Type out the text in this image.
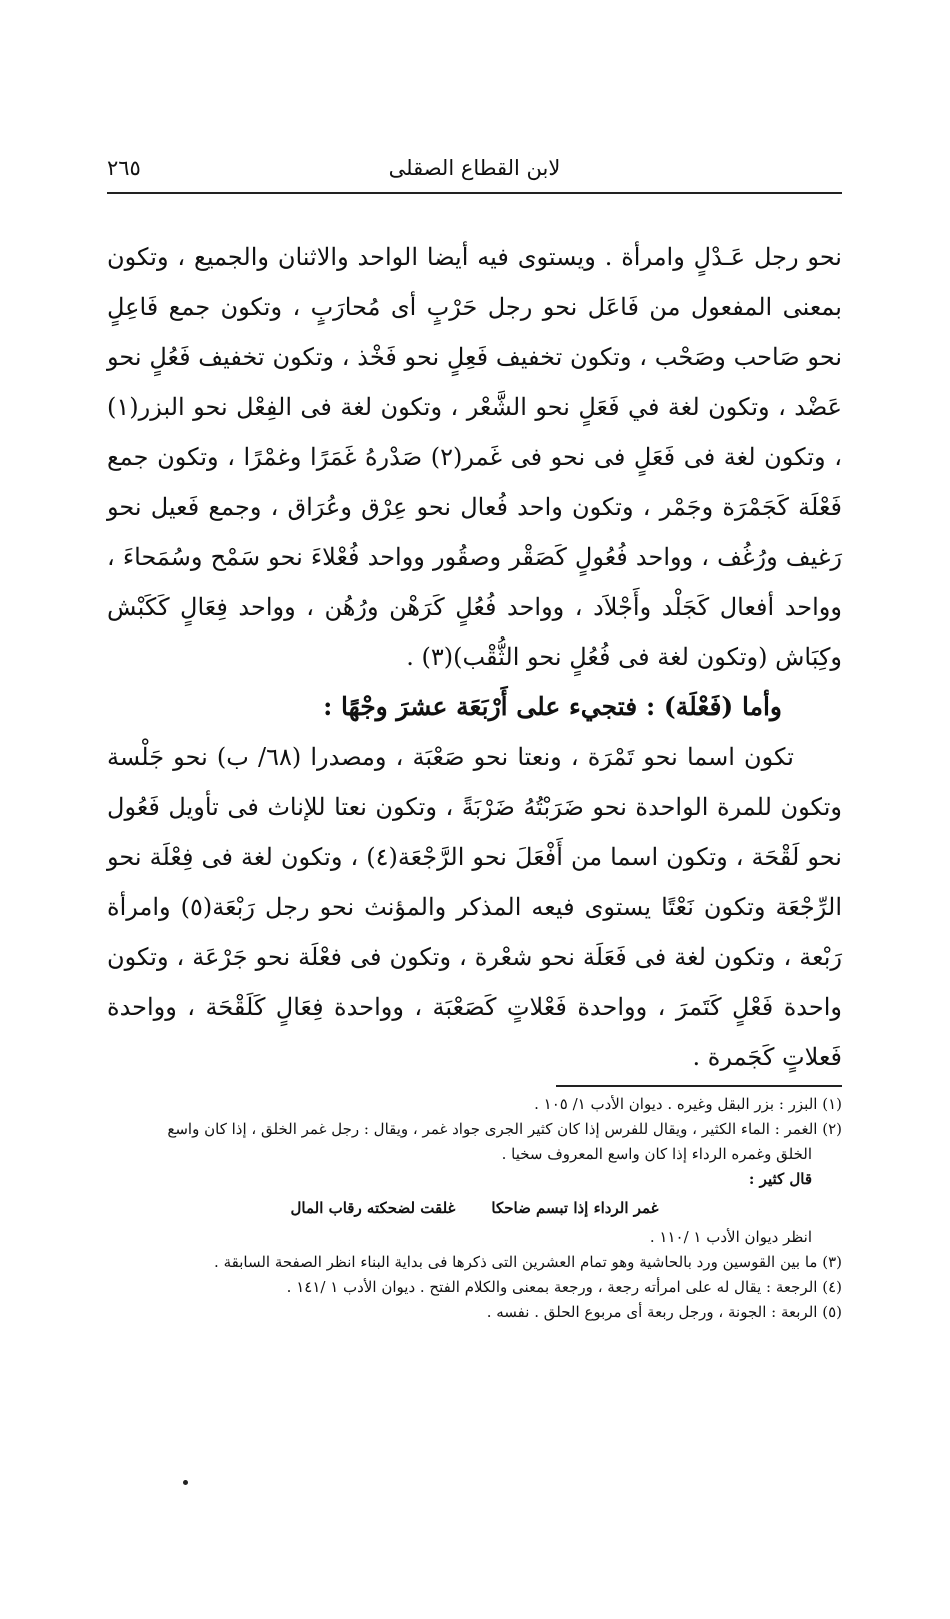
لابن القطاع الصقلى
٢٦٥

نحو رجل عَـدْلٍ وامرأة . ويستوى فيه أيضا الواحد والاثنان والجميع ، وتكون بمعنى المفعول من فَاعَل نحو رجل حَرْبٍ أى مُحارَبٍ ، وتكون جمع فَاعِلٍ نحو صَاحب وصَحْب ، وتكون تخفيف فَعِلٍ نحو فَخْذ ، وتكون تخفيف فَعُلٍ نحو عَضْد ، وتكون لغة في فَعَلٍ نحو الشَّعْر ، وتكون لغة فى الفِعْل نحو البزر(١) ، وتكون لغة فى فَعَلٍ فى نحو فى غَمر(٢) صَدْرهُ غَمَرًا وغمْرًا ، وتكون جمع فَعْلَة كَجَمْرَة وجَمْر ، وتكون واحد فُعال نحو عِرْق وعُرَاق ، وجمع فَعيل نحو رَغيف ورُغُف ، وواحد فُعُولٍ كَصَقْر وصقُور وواحد فُعْلاءَ نحو سَمْح وسُمَحاءَ ، وواحد أفعال كَجَلْد وأَجْلاَد ، وواحد فُعُلٍ كَرَهْن ورُهُن ، وواحد فِعَالٍ كَكَبْش وكِبَاش (وتكون لغة فى فُعُلٍ نحو الثُّقْب)(٣) .

وأما (فَعْلَة) : فتجيء على أَرْبَعَة عشرَ وجْهًا :

تكون اسما نحو تَمْرَة ، ونعتا نحو صَعْبَة ، ومصدرا (٦٨/ ب) نحو جَلْسة وتكون للمرة الواحدة نحو ضَرَبْتُهُ ضَرْبَةً ، وتكون نعتا للإناث فى تأويل فَعُول نحو لَقْحَة ، وتكون اسما من أَفْعَلَ نحو الرَّجْعَة(٤) ، وتكون لغة فى فِعْلَة نحو الرِّجْعَة وتكون نَعْتًا يستوى فيعه المذكر والمؤنث نحو رجل رَبْعَة(٥) وامرأة رَبْعة ، وتكون لغة فى فَعَلَة نحو شعْرة ، وتكون فى فعْلَة نحو جَرْعَة ، وتكون واحدة فَعْلٍ كَتَمرَ ، وواحدة فَعْلاتٍ كَصَعْبَة ، وواحدة فِعَالٍ كَلَقْحَة ، وواحدة فَعلاتٍ كَجَمرة .

(١) البزر : بزر البقل وغيره . ديوان الأدب ١/ ١٠٥ .

(٢) الغمر : الماء الكثير ، ويقال للفرس إذا كان كثير الجرى جواد غمر ، ويقال : رجل غمر الخلق ، إذا كان واسع

الخلق وغمره الرداء إذا كان واسع المعروف سخيا .

قال كثير :

غمر الرداء إذا تبسم ضاحكاغلقت لضحكته رقاب المال

انظر ديوان الأدب ١ /١١٠ .

(٣) ما بين القوسين ورد بالحاشية وهو تمام العشرين التى ذكرها فى بداية البناء انظر الصفحة السابقة .

(٤) الرجعة : يقال له على امرأته رجعة ، ورجعة بمعنى والكلام الفتح . ديوان الأدب ١ /١٤١ .

(٥) الربعة : الجونة ، ورجل ربعة أى مربوع الحلق . نفسه .
